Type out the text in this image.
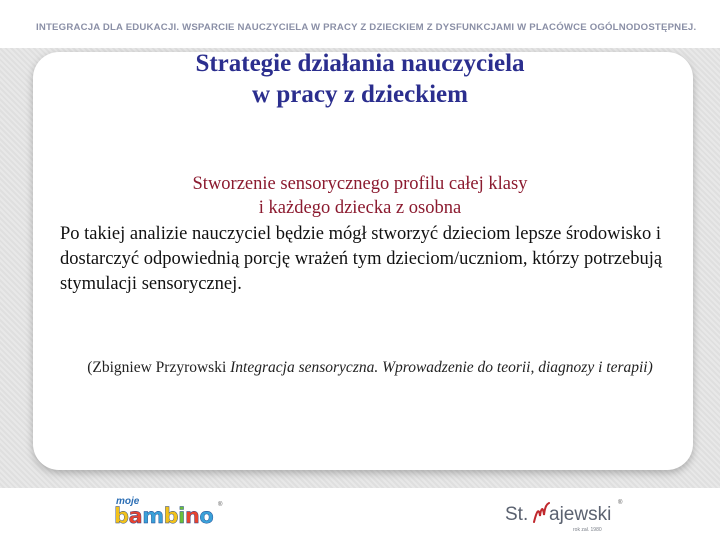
INTEGRACJA DLA EDUKACJI. WSPARCIE NAUCZYCIELA W PRACY Z DZIECKIEM Z DYSFUNKCJAMI W PLACÓWCE OGÓLNODOSTĘPNEJ.
Strategie działania nauczyciela
w pracy z dzieckiem
Stworzenie sensorycznego profilu całej klasy
i każdego dziecka z osobna
Po takiej analizie nauczyciel będzie mógł stworzyć dzieciom lepsze środowisko i dostarczyć odpowiednią porcję wrażeń tym dzieciom/uczniom, którzy potrzebują stymulacji sensorycznej.
(Zbigniew Przyrowski Integracja sensoryczna. Wprowadzenie do teorii, diagnozy i terapii)
moje
bambino ®	St. ajewski
rok zał. 1980
®
